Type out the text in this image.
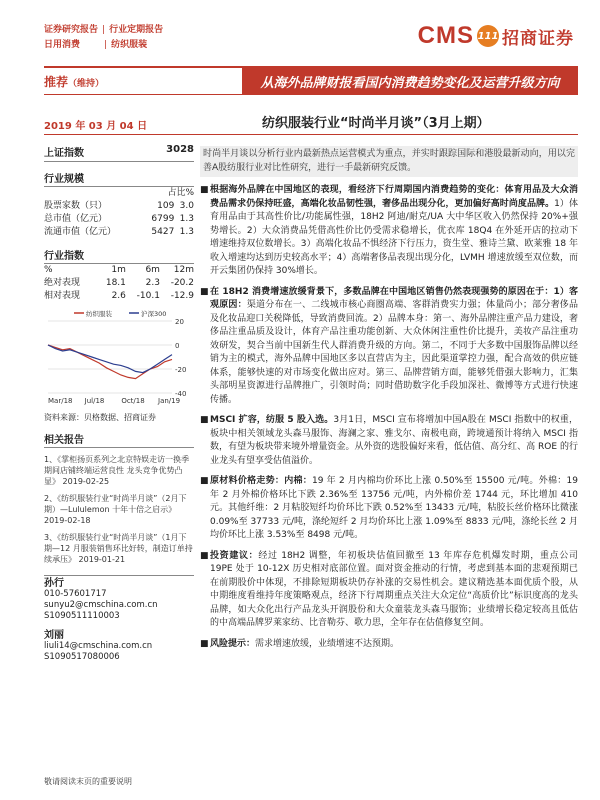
证券研究报告 | 行业定期报告
日用消费	| 纺织服装	CMS 111 招商证券
推荐（维持）	从海外品牌财报看国内消费趋势变化及运营升级方向
2019 年 03 月 04 日	纺织服装行业“时尚半月谈”（3月上期）
上证指数	3028
行业规模
占比%
股票家数（只）	109	3.0
总市值（亿元）	6799	1.3
流通市值（亿元）	5427	1.3
行业指数
%	1m	6m	12m
绝对表现	18.1	2.3	-20.2
相对表现	2.6	-10.1	-12.9
20
0
-20
-40
纺织服装	沪深300
Mar/18 Jul/18 Oct/18 Jan/19
资料来源：贝格数据、招商证券
相关报告
1、《掌柜扬页系列之北京特娱走访一换季期间店铺终端运营良性 龙头竞争优势凸显》 2019-02-25
2、《纺织服装行业“时尚半月谈”（2月下期）—Lululemon 十年十倍之启示》 2019-02-18
3、《纺织服装行业“时尚半月谈”（1月下期—12 月服装销售环比好转，制造订单持续承压》 2019-01-21
孙行
010-57601717
sunyu2@cmschina.com.cn
S1090511110003
刘丽
liuli14@cmschina.com.cn
S1090517080006
时尚半月谈以分析行业内最新热点运营模式为重点，并实时跟踪国际和港股最新动向，用以完善A股纺服行业对比性研究，进行一手最新研究反馈。
■ 根据海外品牌在中国地区的表现，看经济下行周期国内消费趋势的变化：体育用品及大众消费品需求仍保持旺盛，高端化妆品韧性强，奢侈品出现分化，更加偏好高时尚度品牌。1）体育用品由于其高性价比/功能属性强，18H2 阿迪/耐克/UA 大中华区收入仍然保持 20%+强势增长。2）大众消费品凭借高性价比仍受需求稳增长，优衣库 18Q4 在外延开店的拉动下增速维持双位数增长。3）高端化妆品不惧经济下行压力，资生堂、雅诗兰黛、欧莱雅 18 年收入增速均达到历史较高水平；4）高端奢侈品表现出现分化，LVMH 增速放缓至双位数，而开云集团仍保持 30%增长。
■ 在 18H2 消费增速放缓背景下，多数品牌在中国地区销售仍然表现强势的原因在于：1）客观原因：渠道分布在一、二线城市核心商圈高端、客群消费实力强；体量尚小；部分奢侈品及化妆品迎口关税降低，导致消费回流。2）品牌本身：第一、海外品牌注重产品力建设，奢侈品注重品质及设计，体育产品注重功能创新、大众休闲注重性价比提升，美妆产品注重功效研发，契合当前中国新生代人群消费升级的方向。第二，不同于大多数中国服饰品牌以经销为主的模式，海外品牌中国地区多以直营店为主，因此渠道掌控力强，配合高效的供应链体系，能够快速的对市场变化做出应对。第三、品牌营销方面，能够凭借强大影响力，汇集头部明星资源进行品牌推广，引领时尚；同时借助数字化手段加深社、微博等方式进行快速传播。
■ MSCI 扩容，纺服 5 股入选。3月1日，MSCI 宣布将增加中国A股在 MSCI 指数中的权重，板块中相关领域龙头森马服饰、海澜之家、雅戈尔、南极电商，跨境通预计将纳入 MSCI 指数，有望为板块带来境外增量资金。从外资的选股偏好来看，低估值、高分红、高 ROE 的行业龙头有望享受估值溢价。
■ 原材料价格走势：内棉：19 年 2 月内棉均价环比上涨 0.50%至 15500 元/吨。外棉：19 年 2 月外棉价格环比下跌 2.36%至 13756 元/吨，内外棉价差 1744 元，环比增加 410 元。其他纤维：2 月粘胶短纤均价环比下跌 0.52%至 13433 元/吨，粘胶长丝价格环比微涨 0.09%至 37733 元/吨，涤纶短纤 2 月均价环比上涨 1.09%至 8833 元/吨，涤纶长丝 2 月均价环比上涨 3.53%至 8498 元/吨。
■ 投资建议：经过 18H2 调整，年初板块估值回撤至 13 年库存危机爆发时期，重点公司 19PE 处于 10-12X 历史相对底部位置。面对资金推动的行情，考虑到基本面的悲观预期已在前期股价中体现，不排除短期板块仍存补涨的交易性机会。建议精选基本面优质个股，从中期维度看维持年度策略观点，经济下行周期重点关注大众定位“高质价比”标识度高的龙头品牌，如大众化出行产品龙头开润股份和大众童装龙头森马服饰；业绩增长稳定较高且低估的中高端品牌罗莱家纺、比音勒芬、歌力思，全年存在估值修复空间。
■ 风险提示：需求增速放缓，业绩增速不达预期。
敬请阅读末页的重要说明
